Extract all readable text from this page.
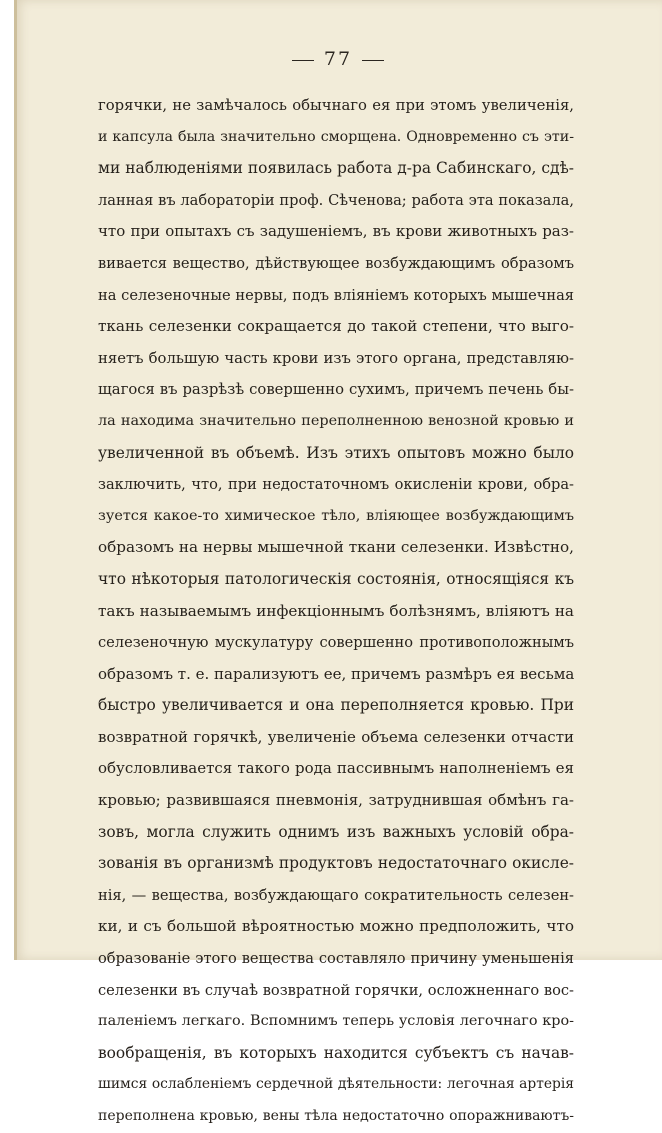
77
горячки, не замѣчалось обычнаго ея при этомъ увеличенія,
и капсула была значительно сморщена. Одновременно съ эти-
ми наблюденіями появилась работа д-ра Сабинскаго, сдѣ-
ланная въ лабораторіи проф. Сѣченова; работа эта показала,
что при опытахъ съ задушеніемъ, въ крови животныхъ раз-
вивается вещество, дѣйствующее возбуждающимъ образомъ
на селезеночные нервы, подъ вліяніемъ которыхъ мышечная
ткань селезенки сокращается до такой степени, что выго-
няетъ большую часть крови изъ этого органа, представляю-
щагося въ разрѣзѣ совершенно сухимъ, причемъ печень бы-
ла находима значительно переполненною венозной кровью и
увеличенной въ объемѣ. Изъ этихъ опытовъ можно было
заключить, что, при недостаточномъ окисленіи крови, обра-
зуется какое-то химическое тѣло, вліяющее возбуждающимъ
образомъ на нервы мышечной ткани селезенки. Извѣстно,
что нѣкоторыя патологическія состоянія, относящіяся къ
такъ называемымъ инфекціоннымъ болѣзнямъ, вліяютъ на
селезеночную мускулатуру совершенно противоположнымъ
образомъ т. е. парализуютъ ее, причемъ размѣръ ея весьма
быстро увеличивается и она переполняется кровью. При
возвратной горячкѣ, увеличеніе объема селезенки отчасти
обусловливается такого рода пассивнымъ наполненіемъ ея
кровью; развившаяся пневмонія, затруднившая обмѣнъ га-
зовъ, могла служить однимъ изъ важныхъ условій обра-
зованія въ организмѣ продуктовъ недостаточнаго окисле-
нія, — вещества, возбуждающаго сократительность селезен-
ки, и съ большой вѣроятностью можно предположить, что
образованіе этого вещества составляло причину уменьшенія
селезенки въ случаѣ возвратной горячки, осложненнаго вос-
паленіемъ легкаго. Вспомнимъ теперь условія легочнаго кро-
вообращенія, въ которыхъ находится субъектъ съ начав-
шимся ослабленіемъ сердечной дѣятельности: легочная артерія
переполнена кровью, вены тѣла недостаточно опоражниваютъ-
